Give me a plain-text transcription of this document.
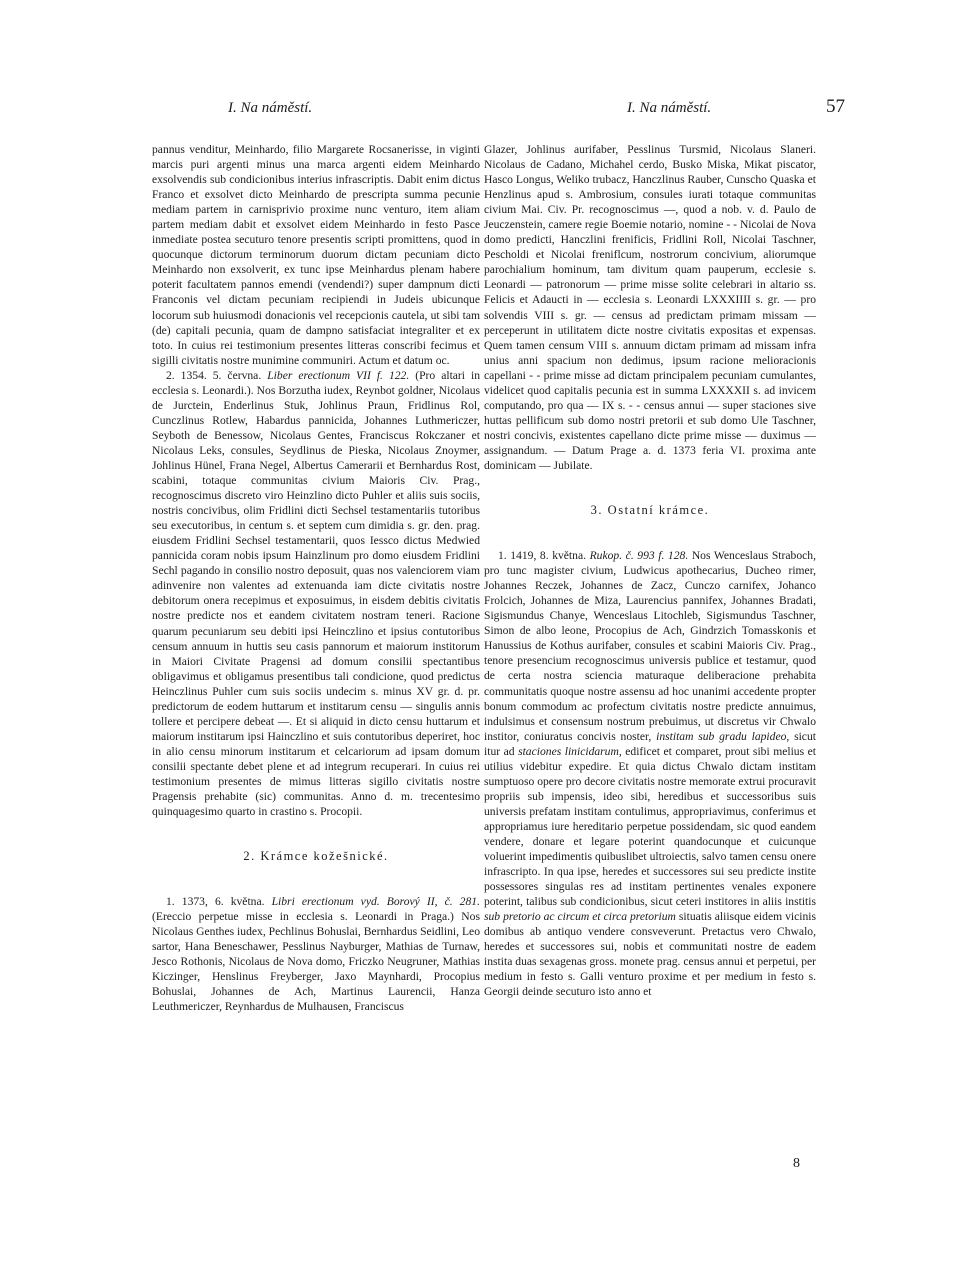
I. Na náměstí.	I. Na náměstí.	57

pannus venditur, Meinhardo, filio Margarete Rocsanerisse, in viginti marcis puri argenti minus una marca argenti eidem Meinhardo exsolvendis sub condicionibus interius infrascriptis. Dabit enim dictus Franco et exsolvet dicto Meinhardo de prescripta summa pecunie mediam partem in carnisprivio proxime nunc venturo, item aliam partem mediam dabit et exsolvet eidem Meinhardo in festo Pasce inmediate postea secuturo tenore presentis scripti promittens, quod in quocunque dictorum terminorum duorum dictam pecuniam dicto Meinhardo non exsolverit, ex tunc ipse Meinhardus plenam habere poterit facultatem pannos emendi (vendendi?) super dampnum dicti Franconis vel dictam pecuniam recipiendi in Judeis ubicunque locorum sub huiusmodi donacionis vel recepcionis cautela, ut sibi tam (de) capitali pecunia, quam de dampno satisfaciat integraliter et ex toto. In cuius rei testimonium presentes litteras conscribi fecimus et sigilli civitatis nostre munimine communiri. Actum et datum oc.

2. 1354. 5. června. Liber erectionum VII f. 122. (Pro altari in ecclesia s. Leonardi.). Nos Borzutha iudex, Reynbot goldner, Nicolaus de Jurctein, Enderlinus Stuk, Johlinus Praun, Fridlinus Rol, Cunczlinus Rotlew, Habardus pannicida, Johannes Luthmericzer, Seyboth de Benessow, Nicolaus Gentes, Franciscus Rokczaner et Nicolaus Leks, consules, Seydlinus de Pieska, Nicolaus Znoymer, Johlinus Hünel, Frana Negel, Albertus Camerarii et Bernhardus Rost, scabini, totaque communitas civium Maioris Civ. Prag., recognoscimus discreto viro Heinzlino dicto Puhler et aliis suis sociis, nostris concivibus, olim Fridlini dicti Sechsel testamentariis tutoribus seu executoribus, in centum s. et septem cum dimidia s. gr. den. prag. eiusdem Fridlini Sechsel testamentarii, quos Iessco dictus Medwied pannicida coram nobis ipsum Hainzlinum pro domo eiusdem Fridlini Sechl pagando in consilio nostro deposuit, quas nos valenciorem viam adinvenire non valentes ad extenuanda iam dicte civitatis nostre debitorum onera recepimus et exposuimus, in eisdem debitis civitatis nostre predicte nos et eandem civitatem nostram teneri. Racione quarum pecuniarum seu debiti ipsi Heinczlino et ipsius contutoribus censum annuum in huttis seu casis pannorum et maiorum institorum in Maiori Civitate Pragensi ad domum consilii spectantibus obligavimus et obligamus presentibus tali condicione, quod predictus Heinczlinus Puhler cum suis sociis undecim s. minus XV gr. d. pr. predictorum de eodem huttarum et institarum censu — singulis annis tollere et percipere debeat —. Et si aliquid in dicto censu huttarum et maiorum institarum ipsi Hainczlino et suis contutoribus deperiret, hoc in alio censu minorum institarum et celcariorum ad ipsam domum consilii spectante debet plene et ad integrum recuperari. In cuius rei testimonium presentes de mimus litteras sigillo civitatis nostre Pragensis prehabite (sic) communitas. Anno d. m. trecentesimo quinquagesimo quarto in crastino s. Procopii.

2. Krámce kožešnické.

1. 1373, 6. května. Libri erectionum vyd. Borový II, č. 281. (Ereccio perpetue misse in ecclesia s. Leonardi in Praga.) Nos Nicolaus Genthes iudex, Pechlinus Bohuslai, Bernhardus Seidlini, Leo sartor, Hana Beneschawer, Pesslinus Nayburger, Mathias de Turnaw, Jesco Rothonis, Nicolaus de Nova domo, Friczko Neugruner, Mathias Kiczinger, Henslinus Freyberger, Jaxo Maynhardi, Procopius Bohuslai, Johannes de Ach, Martinus Laurencii, Hanza Leuthmericzer, Reynhardus de Mulhausen, Franciscus

Glazer, Johlinus aurifaber, Pesslinus Tursmid, Nicolaus Slaneri. Nicolaus de Cadano, Michahel cerdo, Busko Miska, Mikat piscator, Hasco Longus, Weliko trubacz, Hanczlinus Rauber, Cunscho Quaska et Henzlinus apud s. Ambrosium, consules iurati totaque communitas civium Mai. Civ. Pr. recognoscimus —, quod a nob. v. d. Paulo de Jeuczenstein, camere regie Boemie notario, nomine - - Nicolai de Nova domo predicti, Hanczlini frenificis, Fridlini Roll, Nicolai Taschner, Pescholdi et Nicolai freniflcum, nostrorum concivium, aliorumque parochialium hominum, tam divitum quam pauperum, ecclesie s. Leonardi — patronorum — prime misse solite celebrari in altario ss. Felicis et Adaucti in — ecclesia s. Leonardi LXXXIIII s. gr. — pro solvendis VIII s. gr. — census ad predictam primam missam — perceperunt in utilitatem dicte nostre civitatis expositas et expensas. Quem tamen censum VIII s. annuum dictam primam ad missam infra unius anni spacium non dedimus, ipsum racione melioracionis capellani - - prime misse ad dictam principalem pecuniam cumulantes, videlicet quod capitalis pecunia est in summa LXXXXII s. ad invicem computando, pro qua — IX s. - - census annui — super staciones sive huttas pellificum sub domo nostri pretorii et sub domo Ule Taschner, nostri concivis, existentes capellano dicte prime misse — duximus — assignandum. — Datum Prage a. d. 1373 feria VI. proxima ante dominicam — Jubilate.

3. Ostatní krámce.

1. 1419, 8. května. Rukop. č. 993 f. 128. Nos Wenceslaus Straboch, pro tunc magister civium, Ludwicus apothecarius, Ducheo rimer, Johannes Reczek, Johannes de Zacz, Cunczo carnifex, Johanco Frolcich, Johannes de Miza, Laurencius pannifex, Johannes Bradati, Sigismundus Chanye, Wenceslaus Litochleb, Sigismundus Taschner, Simon de albo leone, Procopius de Ach, Gindrzich Tomasskonis et Hanussius de Kothus aurifaber, consules et scabini Maioris Civ. Prag., tenore presencium recognoscimus universis publice et testamur, quod de certa nostra sciencia maturaque deliberacione prehabita communitatis quoque nostre assensu ad hoc unanimi accedente propter bonum commodum ac profectum civitatis nostre predicte annuimus, indulsimus et consensum nostrum prebuimus, ut discretus vir Chwalo institor, coniuratus concivis noster, institam sub gradu lapideo, sicut itur ad staciones linicidarum, edificet et comparet, prout sibi melius et utilius videbitur expedire. Et quia dictus Chwalo dictam institam sumptuoso opere pro decore civitatis nostre memorate extrui procuravit propriis sub impensis, ideo sibi, heredibus et successoribus suis universis prefatam institam contulimus, appropriavimus, conferimus et appropriamus iure hereditario perpetue possidendam, sic quod eandem vendere, donare et legare poterint quandocunque et cuicunque voluerint impedimentis quibuslibet ultroiectis, salvo tamen censu onere infrascripto. In qua ipse, heredes et successores sui seu predicte instite possessores singulas res ad institam pertinentes venales exponere poterint, talibus sub condicionibus, sicut ceteri institores in aliis institis sub pretorio ac circum et circa pretorium situatis aliisque eidem vicinis domibus ab antiquo vendere consveverunt. Pretactus vero Chwalo, heredes et successores sui, nobis et communitati nostre de eadem instita duas sexagenas gross. monete prag. census annui et perpetui, per medium in festo s. Galli venturo proxime et per medium in festo s. Georgii deinde secuturo isto anno et

8
